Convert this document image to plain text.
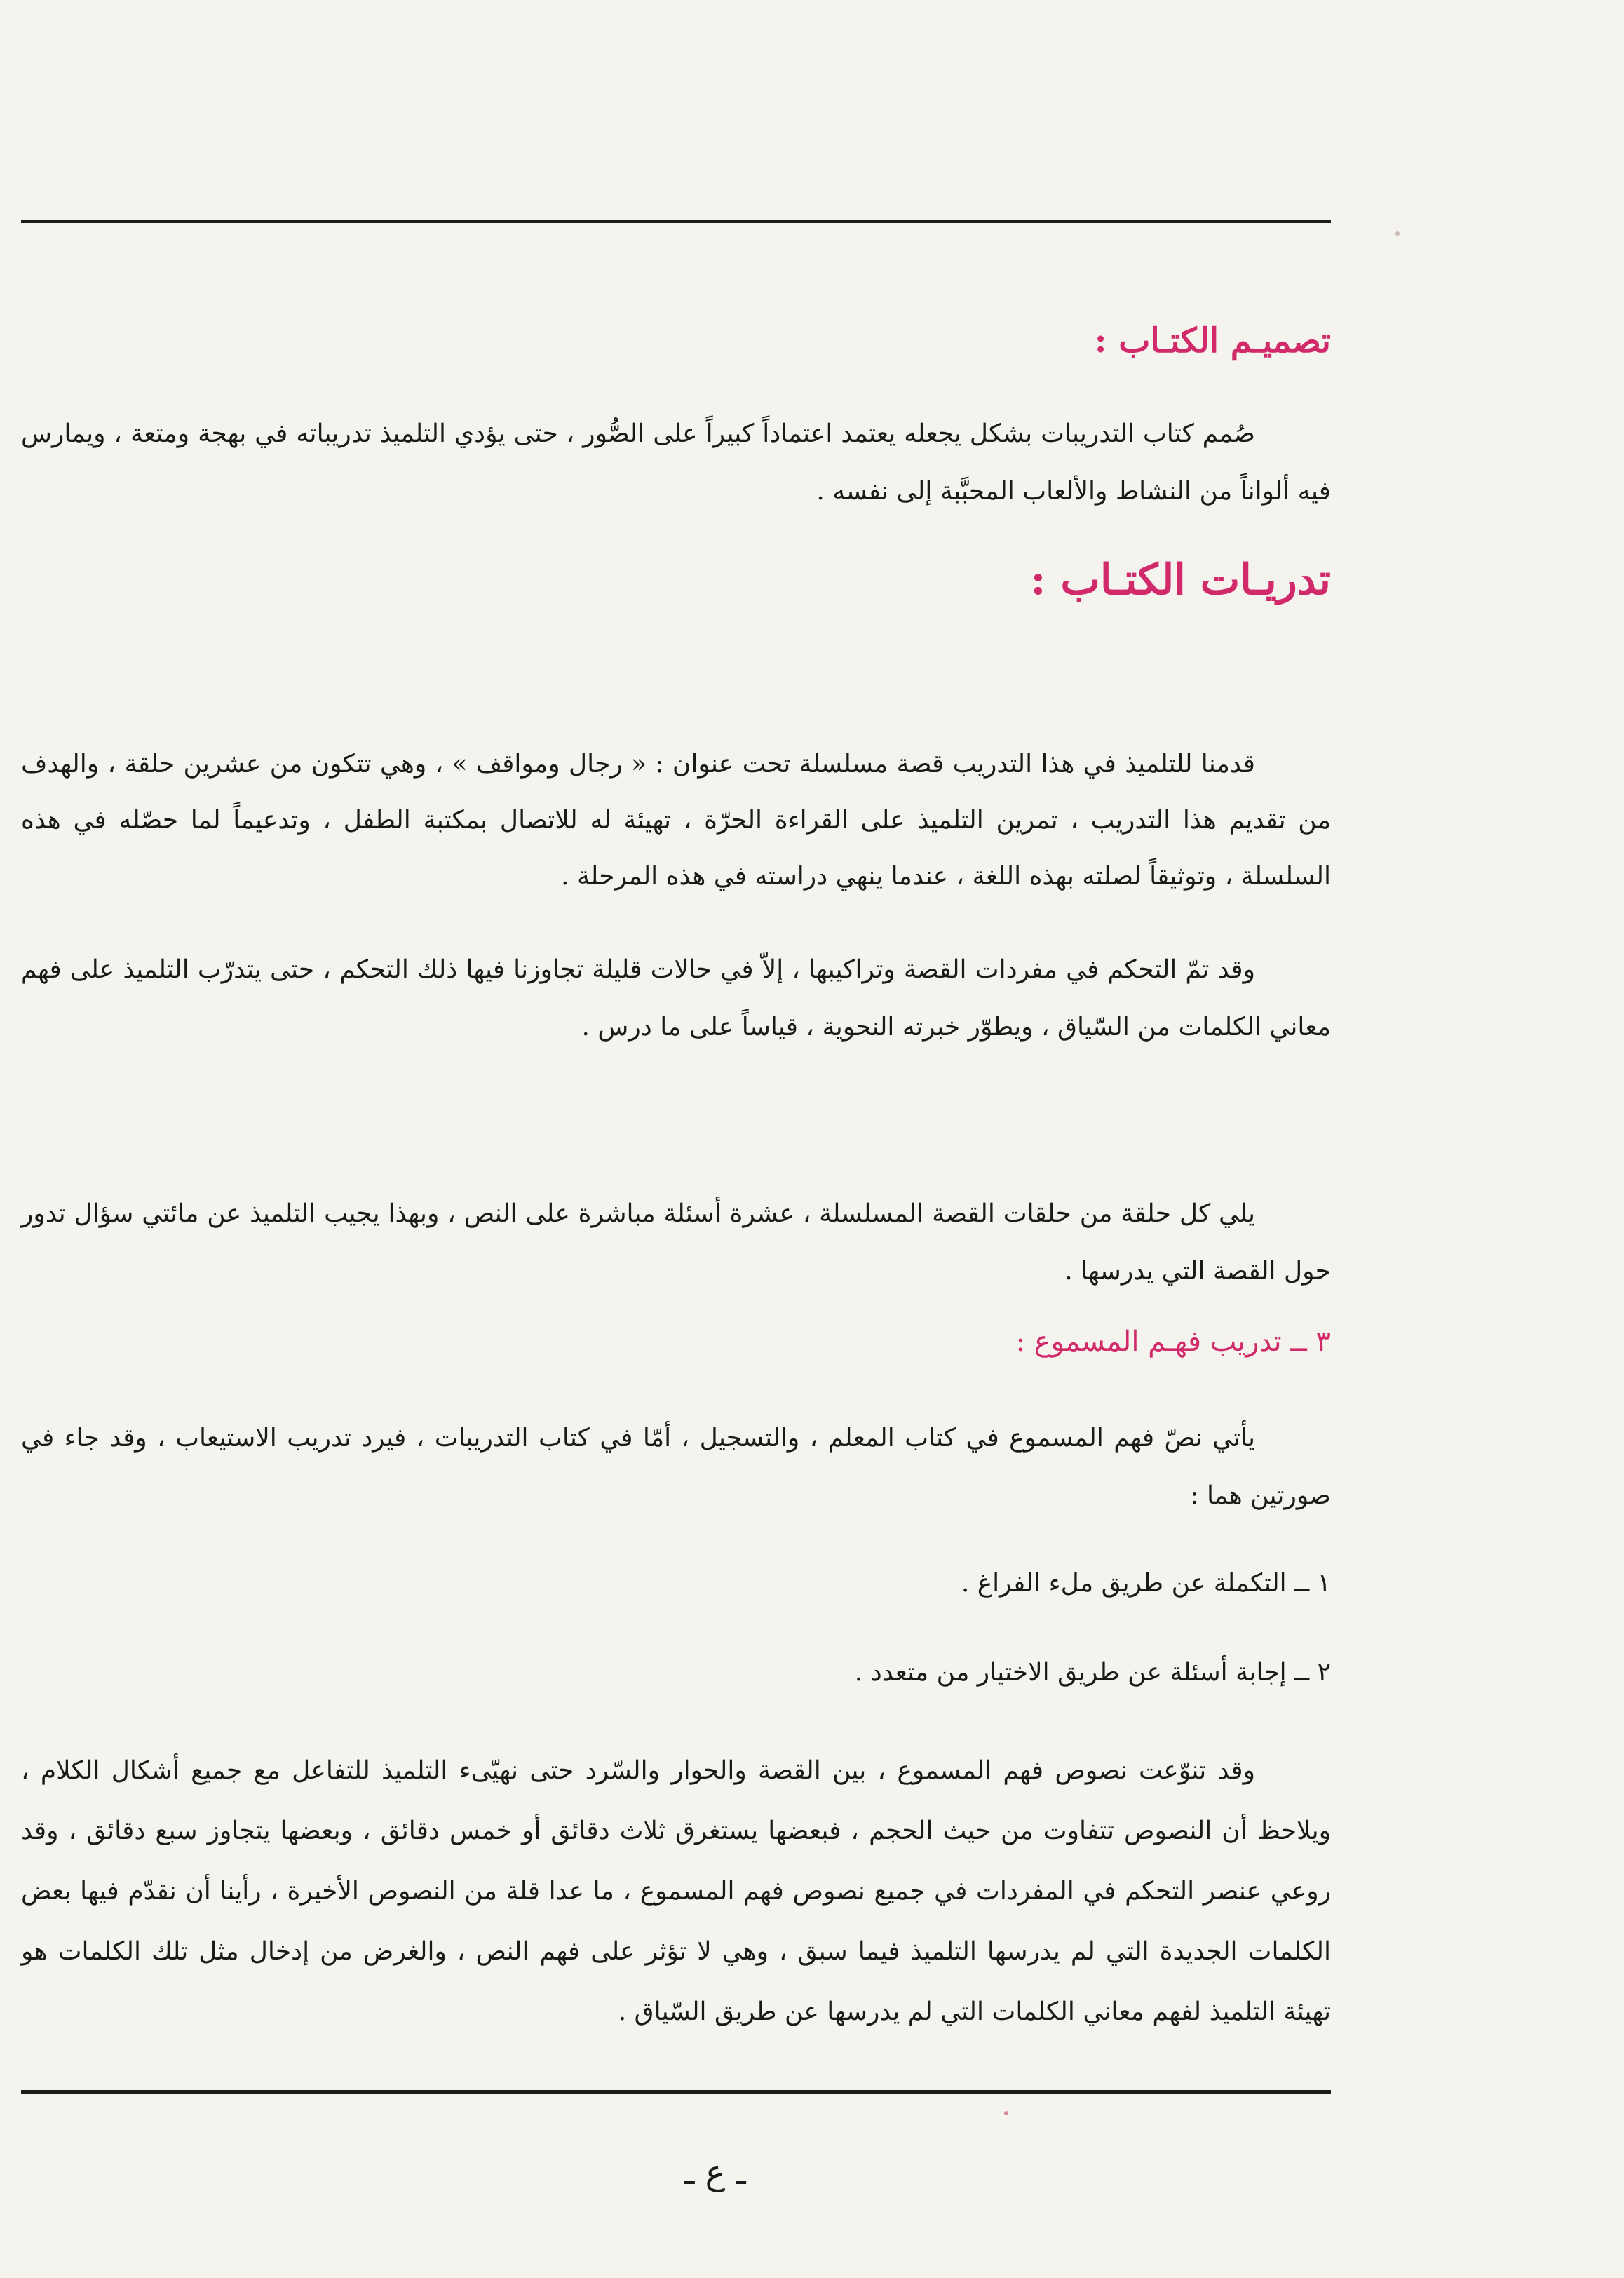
تصميـم الكتـاب :

صُمم كتاب التدريبات بشكل يجعله يعتمد اعتماداً كبيراً على الصُّور ، حتى يؤدي التلميذ تدريباته في بهجة ومتعة ، ويمارس فيه ألواناً من النشاط والألعاب المحبَّبة إلى نفسه .

تدريـات الكتـاب :

قدمنا للتلميذ في هذا التدريب قصة مسلسلة تحت عنوان : « رجال ومواقف » ، وهي تتكون من عشرين حلقة ، والهدف من تقديم هذا التدريب ، تمرين التلميذ على القراءة الحرّة ، تهيئة له للاتصال بمكتبة الطفل ، وتدعيماً لما حصّله في هذه السلسلة ، وتوثيقاً لصلته بهذه اللغة ، عندما ينهي دراسته في هذه المرحلة .

وقد تمّ التحكم في مفردات القصة وتراكيبها ، إلاّ في حالات قليلة تجاوزنا فيها ذلك التحكم ، حتى يتدرّب التلميذ على فهم معاني الكلمات من السّياق ، ويطوّر خبرته النحوية ، قياساً على ما درس .

يلي كل حلقة من حلقات القصة المسلسلة ، عشرة أسئلة مباشرة على النص ، وبهذا يجيب التلميذ عن مائتي سؤال تدور حول القصة التي يدرسها .

٣ ــ تدريب فهـم المسموع :

يأتي نصّ فهم المسموع في كتاب المعلم ، والتسجيل ، أمّا في كتاب التدريبات ، فيرد تدريب الاستيعاب ، وقد جاء في صورتين هما :

١ ــ التكملة عن طريق ملء الفراغ .

٢ ــ إجابة أسئلة عن طريق الاختيار من متعدد .

وقد تنوّعت نصوص فهم المسموع ، بين القصة والحوار والسّرد حتى نهيّىء التلميذ للتفاعل مع جميع أشكال الكلام ، ويلاحظ أن النصوص تتفاوت من حيث الحجم ، فبعضها يستغرق ثلاث دقائق أو خمس دقائق ، وبعضها يتجاوز سبع دقائق ، وقد روعي عنصر التحكم في المفردات في جميع نصوص فهم المسموع ، ما عدا قلة من النصوص الأخيرة ، رأينا أن نقدّم فيها بعض الكلمات الجديدة التي لم يدرسها التلميذ فيما سبق ، وهي لا تؤثر على فهم النص ، والغرض من إدخال مثل تلك الكلمات هو تهيئة التلميذ لفهم معاني الكلمات التي لم يدرسها عن طريق السّياق .

ـ ع ـ
